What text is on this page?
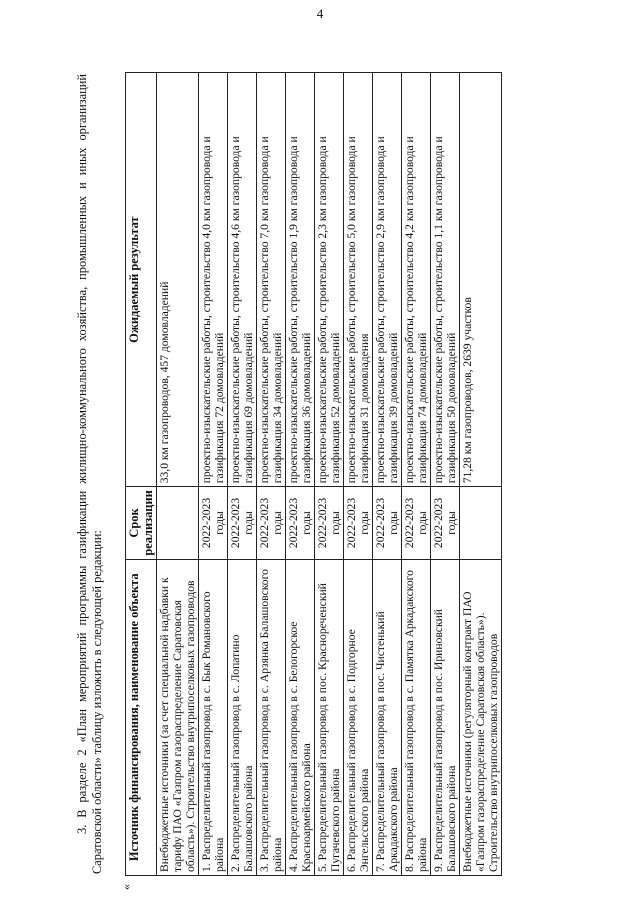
4

3. В разделе 2 «План мероприятий программы газификации жилищно-коммунального хозяйства, промышленных и иных организаций Саратовской области» таблицу изложить в следующей редакции:

«
Источник финансирования, наименование объекта	Срок реализации	Ожидаемый результат
Внебюджетные источники (за счет специальной надбавки к тарифу ПАО «Газпром газораспределение Саратовская область»). Строительство внутрипоселковых газопроводов		33,0 км газопроводов, 457 домовладений
1. Распределительный газопровод в с. Бык Романовского района	2022-2023 годы	проектно-изыскательские работы, строительство 4,0 км газопровода и газификация 72 домовладений
2. Распределительный газопровод в с. Лопатино Балашовского района	2022-2023 годы	проектно-изыскательские работы, строительство 4,6 км газопровода и газификация 69 домовладений
3. Распределительный газопровод в с. Арзянка Балашовского района	2022-2023 годы	проектно-изыскательские работы, строительство 7,0 км газопровода и газификация 34 домовладений
4. Распределительный газопровод в с. Белогорское Красноармейского района	2022-2023 годы	проектно-изыскательские работы, строительство 1,9 км газопровода и газификация 36 домовладений
5. Распределительный газопровод в пос. Краснореченский Пугачевского района	2022-2023 годы	проектно-изыскательские работы, строительство 2,3 км газопровода и газификация 52 домовладений
6. Распределительный газопровод в с. Подгорное Энгельсского района	2022-2023 годы	проектно-изыскательские работы, строительство 5,0 км газопровода и газификация 31 домовладения
7. Распределительный газопровод в пос. Чистенький Аркадакского района	2022-2023 годы	проектно-изыскательские работы, строительство 2,9 км газопровода и газификация 39 домовладений
8. Распределительный газопровод в с. Памятка Аркадакского района	2022-2023 годы	проектно-изыскательские работы, строительство 4,2 км газопровода и газификация 74 домовладений
9. Распределительный газопровод в пос. Ириновский Балашовского района	2022-2023 годы	проектно-изыскательские работы, строительство 1,1 км газопровода и газификация 50 домовладений
Внебюджетные источники (регуляторный контракт ПАО «Газпром газораспределение Саратовская область»). Строительство внутрипоселковых газопроводов		71,28 км газопроводов, 2639 участков
